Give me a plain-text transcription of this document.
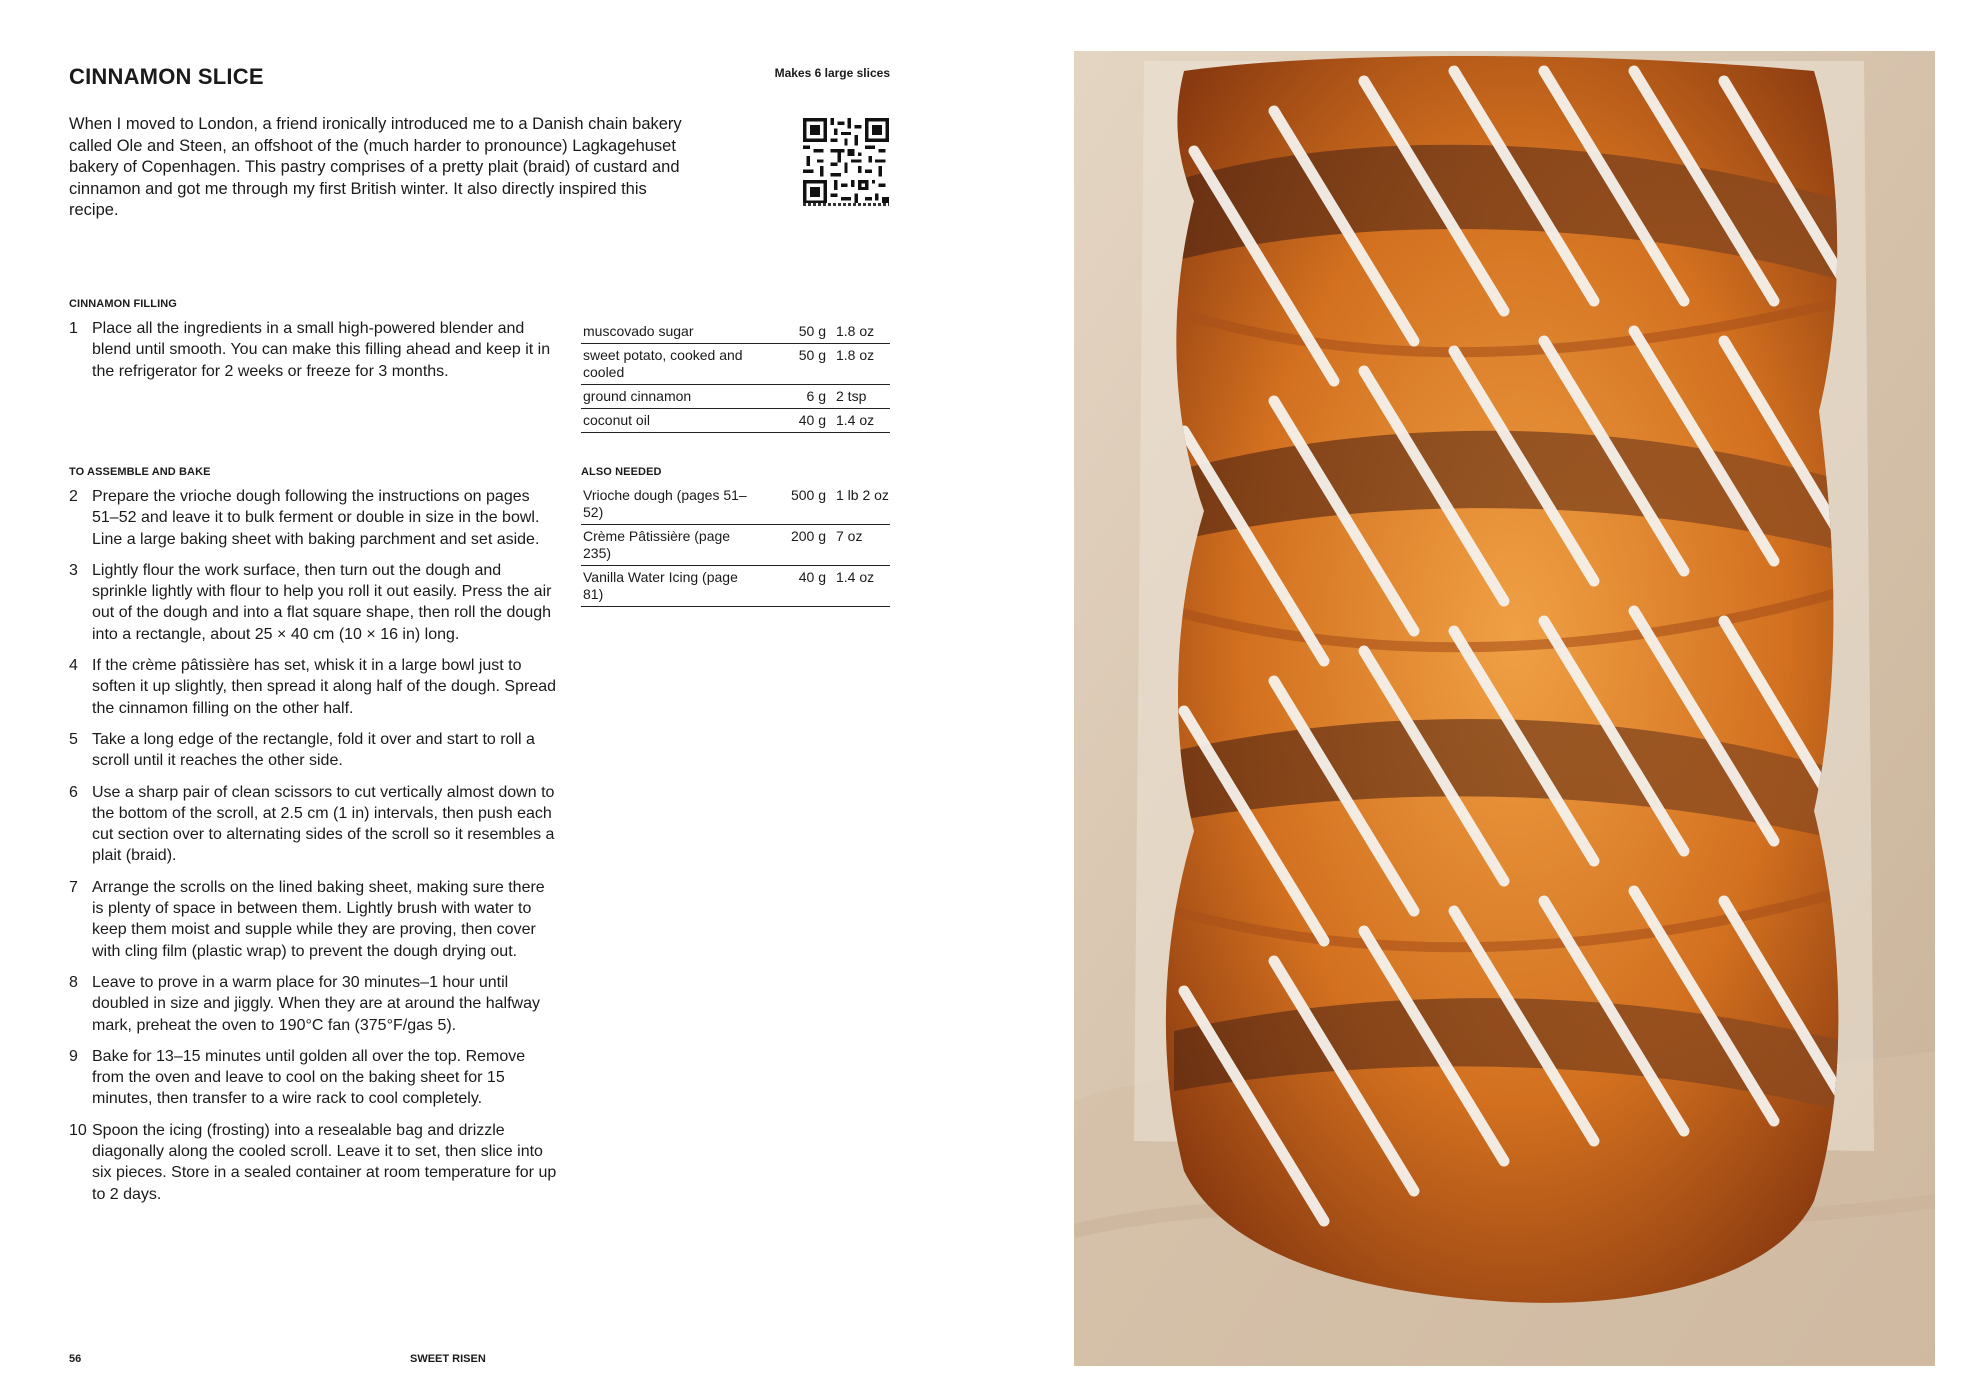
CINNAMON SLICE	Makes 6 large slices
When I moved to London, a friend ironically introduced me to a Danish chain bakery called Ole and Steen, an offshoot of the (much harder to pronounce) Lagkagehuset bakery of Copenhagen. This pastry comprises of a pretty plait (braid) of custard and cinnamon and got me through my first British winter. It also directly inspired this recipe.
CINNAMON FILLING
1 Place all the ingredients in a small high-powered blender and blend until smooth. You can make this filling ahead and keep it in the refrigerator for 2 weeks or freeze for 3 months.
muscovado sugar	50 g	1.8 oz
sweet potato, cooked and cooled	50 g	1.8 oz
ground cinnamon	6 g	2 tsp
coconut oil	40 g	1.4 oz
TO ASSEMBLE AND BAKE
2 Prepare the vrioche dough following the instructions on pages 51–52 and leave it to bulk ferment or double in size in the bowl. Line a large baking sheet with baking parchment and set aside.
3 Lightly flour the work surface, then turn out the dough and sprinkle lightly with flour to help you roll it out easily. Press the air out of the dough and into a flat square shape, then roll the dough into a rectangle, about 25 × 40 cm (10 × 16 in) long.
4 If the crème pâtissière has set, whisk it in a large bowl just to soften it up slightly, then spread it along half of the dough. Spread the cinnamon filling on the other half.
5 Take a long edge of the rectangle, fold it over and start to roll a scroll until it reaches the other side.
6 Use a sharp pair of clean scissors to cut vertically almost down to the bottom of the scroll, at 2.5 cm (1 in) intervals, then push each cut section over to alternating sides of the scroll so it resembles a plait (braid).
7 Arrange the scrolls on the lined baking sheet, making sure there is plenty of space in between them. Lightly brush with water to keep them moist and supple while they are proving, then cover with cling film (plastic wrap) to prevent the dough drying out.
8 Leave to prove in a warm place for 30 minutes–1 hour until doubled in size and jiggly. When they are at around the halfway mark, preheat the oven to 190°C fan (375°F/gas 5).
9 Bake for 13–15 minutes until golden all over the top. Remove from the oven and leave to cool on the baking sheet for 15 minutes, then transfer to a wire rack to cool completely.
10 Spoon the icing (frosting) into a resealable bag and drizzle diagonally along the cooled scroll. Leave it to set, then slice into six pieces. Store in a sealed container at room temperature for up to 2 days.
ALSO NEEDED
Vrioche dough (pages 51–52)	500 g	1 lb 2 oz
Crème Pâtissière (page 235)	200 g	7 oz
Vanilla Water Icing (page 81)	40 g	1.4 oz
56	SWEET RISEN
